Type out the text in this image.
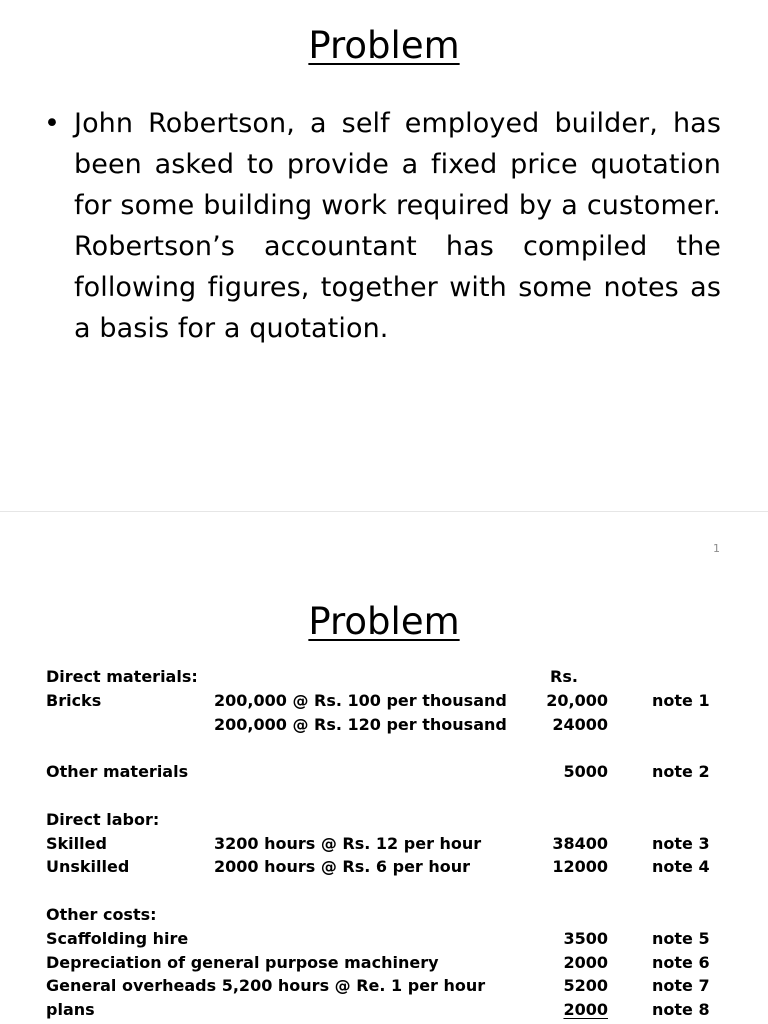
Problem
• John Robertson, a self employed builder, has been asked to provide a fixed price quotation for some building work required by a customer. Robertson’s accountant has compiled the following figures, together with some notes as a basis for a quotation.
1
Problem
Direct materials:	Rs.
Bricks	200,000 @ Rs. 100 per thousand	20,000	note 1
200,000 @ Rs. 120 per thousand	24000
Other materials	5000	note 2
Direct labor:
Skilled	3200 hours @ Rs. 12 per hour	38400	note 3
Unskilled	2000 hours @ Rs. 6 per hour	12000	note 4
Other costs:
Scaffolding hire	3500	note 5
Depreciation of general purpose machinery	2000	note 6
General overheads 5,200 hours @ Re. 1 per hour	5200	note 7
plans	2000	note 8
